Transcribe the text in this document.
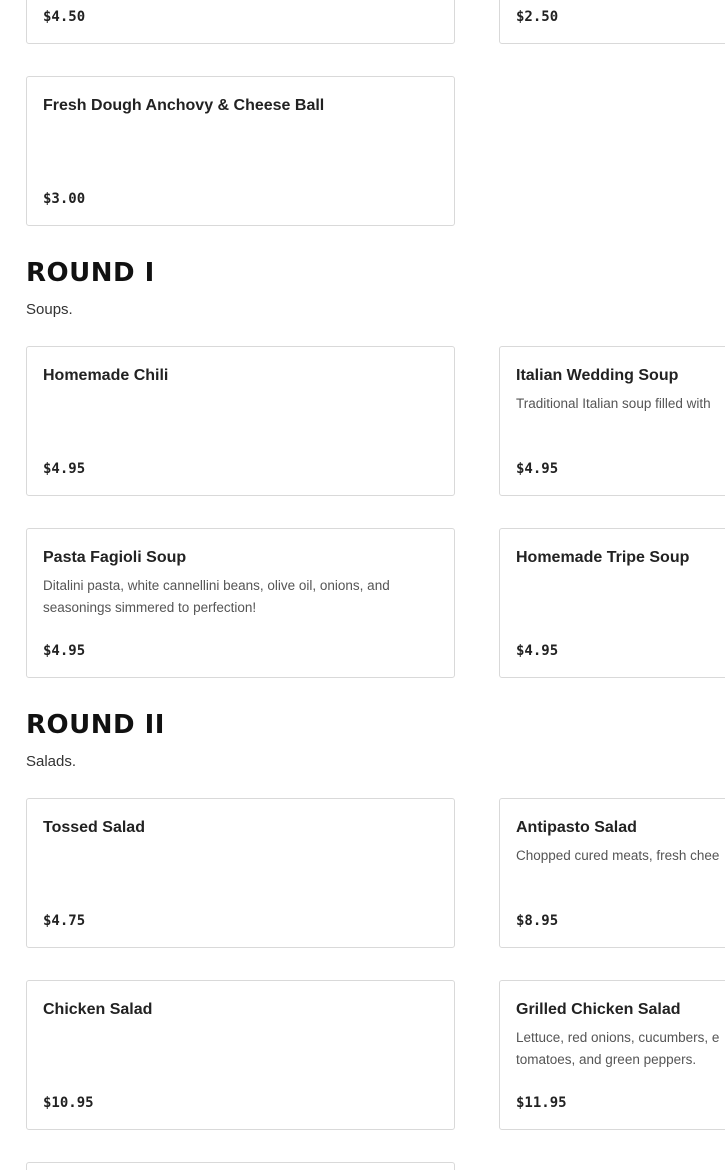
$4.50	$2.50
Fresh Dough Anchovy & Cheese Ball
$3.00
ROUND I

Soups.

Homemade Chili
$4.95
Italian Wedding Soup
Traditional Italian soup filled with
$4.95
Pasta Fagioli Soup
Ditalini pasta, white cannellini beans, olive oil, onions, and seasonings simmered to perfection!
$4.95
Homemade Tripe Soup
$4.95
ROUND II

Salads.

Tossed Salad
$4.75
Antipasto Salad
Chopped cured meats, fresh chee
$8.95
Chicken Salad
$10.95
Grilled Chicken Salad
Lettuce, red onions, cucumbers, e tomatoes, and green peppers.
$11.95
